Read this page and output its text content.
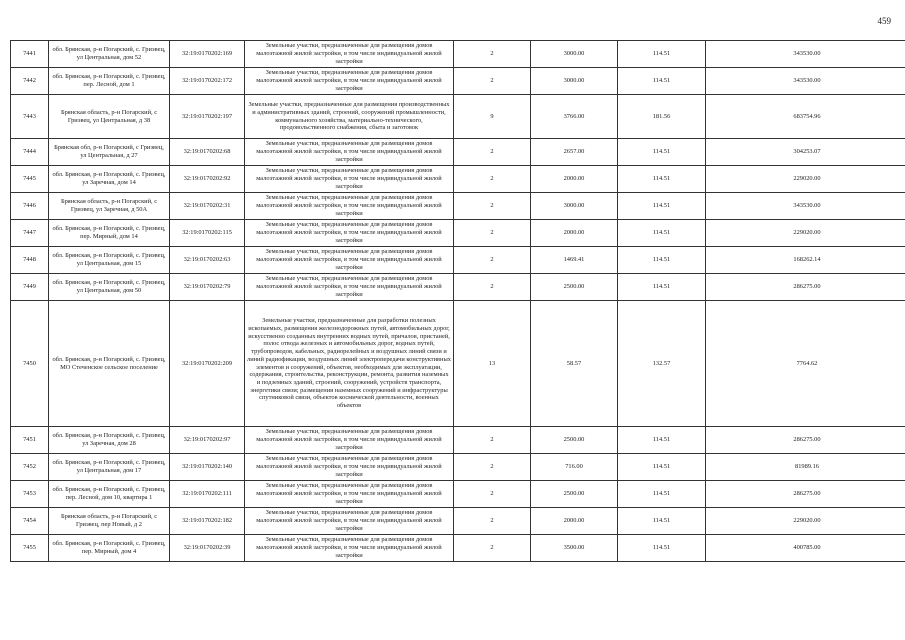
459
7441	обл. Брянская, р-н Погарский, с. Гриэвец, ул Центральная, дом 52	32:19:0170202:169	Земельные участки, предназначенные для размещения домов малоэтажной жилой застройки, в том числе индивидуальной жилой застройки	2	3000.00	114.51	343530.00
7442	обл. Брянская, р-н Погарский, с. Гриэвец, пер. Лесной, дом 1	32:19:0170202:172	Земельные участки, предназначенные для размещения домов малоэтажной жилой застройки, в том числе индивидуальной жилой застройки	2	3000.00	114.51	343530.00
7443	Брянская область, р-н Погарский, с Гриэвец, ул Центральная, д 38	32:19:0170202:197	Земельные участки, предназначенные для размещения производственных и административных зданий, строений, сооружений промышленности, коммунального хозяйства, материально-технического, продовольственного снабжения, сбыта и заготовок	9	3766.00	181.56	683754.96
7444	Брянская обл, р-н Погарский, с Гриэвец, ул Центральная, д 27	32:19:0170202:68	Земельные участки, предназначенные для размещения домов малоэтажной жилой застройки, в том числе индивидуальной жилой застройки	2	2657.00	114.51	304253.07
7445	обл. Брянская, р-н Погарский, с. Гриэвец, ул Заречная, дом 14	32:19:0170202:92	Земельные участки, предназначенные для размещения домов малоэтажной жилой застройки, в том числе индивидуальной жилой застройки	2	2000.00	114.51	229020.00
7446	Брянская область, р-н Погарский, с Гриэвец, ул Заречная, д 50А	32:19:0170202:31	Земельные участки, предназначенные для размещения домов малоэтажной жилой застройки, в том числе индивидуальной жилой застройки	2	3000.00	114.51	343530.00
7447	обл. Брянская, р-н Погарский, с. Гриэвец, пер. Мирный, дом 14	32:19:0170202:115	Земельные участки, предназначенные для размещения домов малоэтажной жилой застройки, в том числе индивидуальной жилой застройки	2	2000.00	114.51	229020.00
7448	обл. Брянская, р-н Погарский, с. Гриэвец, ул Центральная, дом 15	32:19:0170202:63	Земельные участки, предназначенные для размещения домов малоэтажной жилой застройки, в том числе индивидуальной жилой застройки	2	1469.41	114.51	168262.14
7449	обл. Брянская, р-н Погарский, с. Гриэвец, ул Центральная, дом 50	32:19:0170202:79	Земельные участки, предназначенные для размещения домов малоэтажной жилой застройки, в том числе индивидуальной жилой застройки	2	2500.00	114.51	286275.00
7450	обл. Брянская, р-н Погарский, с. Гриэвец, МО Стеченское сельское поселение	32:19:0170202:209	Земельные участки, предназначенные для разработки полезных ископаемых, размещения железнодорожных путей, автомобильных дорог, искусственно созданных внутренних водных путей, причалов, пристаней, полос отвода железных и автомобильных дорог, водных путей, трубопроводов, кабельных, радиорелейных и воздушных линий связи и линий радиофикации, воздушных линий электропередачи конструктивных элементов и сооружений, объектов, необходимых для эксплуатации, содержания, строительства, реконструкции, ремонта, развития наземных и подземных зданий, строений, сооружений, устройств транспорта, энергетики связи; размещения наземных сооружений и инфраструктуры спутниковой связи, объектов космической деятельности, военных объектов	13	58.57	132.57	7764.62
7451	обл. Брянская, р-н Погарский, с. Гриэвец, ул Заречная, дом 28	32:19:0170202:97	Земельные участки, предназначенные для размещения домов малоэтажной жилой застройки, в том числе индивидуальной жилой застройки	2	2500.00	114.51	286275.00
7452	обл. Брянская, р-н Погарский, с. Гриэвец, ул Центральная, дом 17	32:19:0170202:140	Земельные участки, предназначенные для размещения домов малоэтажной жилой застройки, в том числе индивидуальной жилой застройки	2	716.00	114.51	81989.16
7453	обл. Брянская, р-н Погарский, с. Гриэвец, пер. Лесной, дом 10, квартира 1	32:19:0170202:111	Земельные участки, предназначенные для размещения домов малоэтажной жилой застройки, в том числе индивидуальной жилой застройки	2	2500.00	114.51	286275.00
7454	Брянская область, р-н Погарский, с Гриэвец, пер Новый, д 2	32:19:0170202:182	Земельные участки, предназначенные для размещения домов малоэтажной жилой застройки, в том числе индивидуальной жилой застройки	2	2000.00	114.51	229020.00
7455	обл. Брянская, р-н Погарский, с. Гриэвец, пер. Мирный, дом 4	32:19:0170202:39	Земельные участки, предназначенные для размещения домов малоэтажной жилой застройки, в том числе индивидуальной жилой застройки	2	3500.00	114.51	400785.00
